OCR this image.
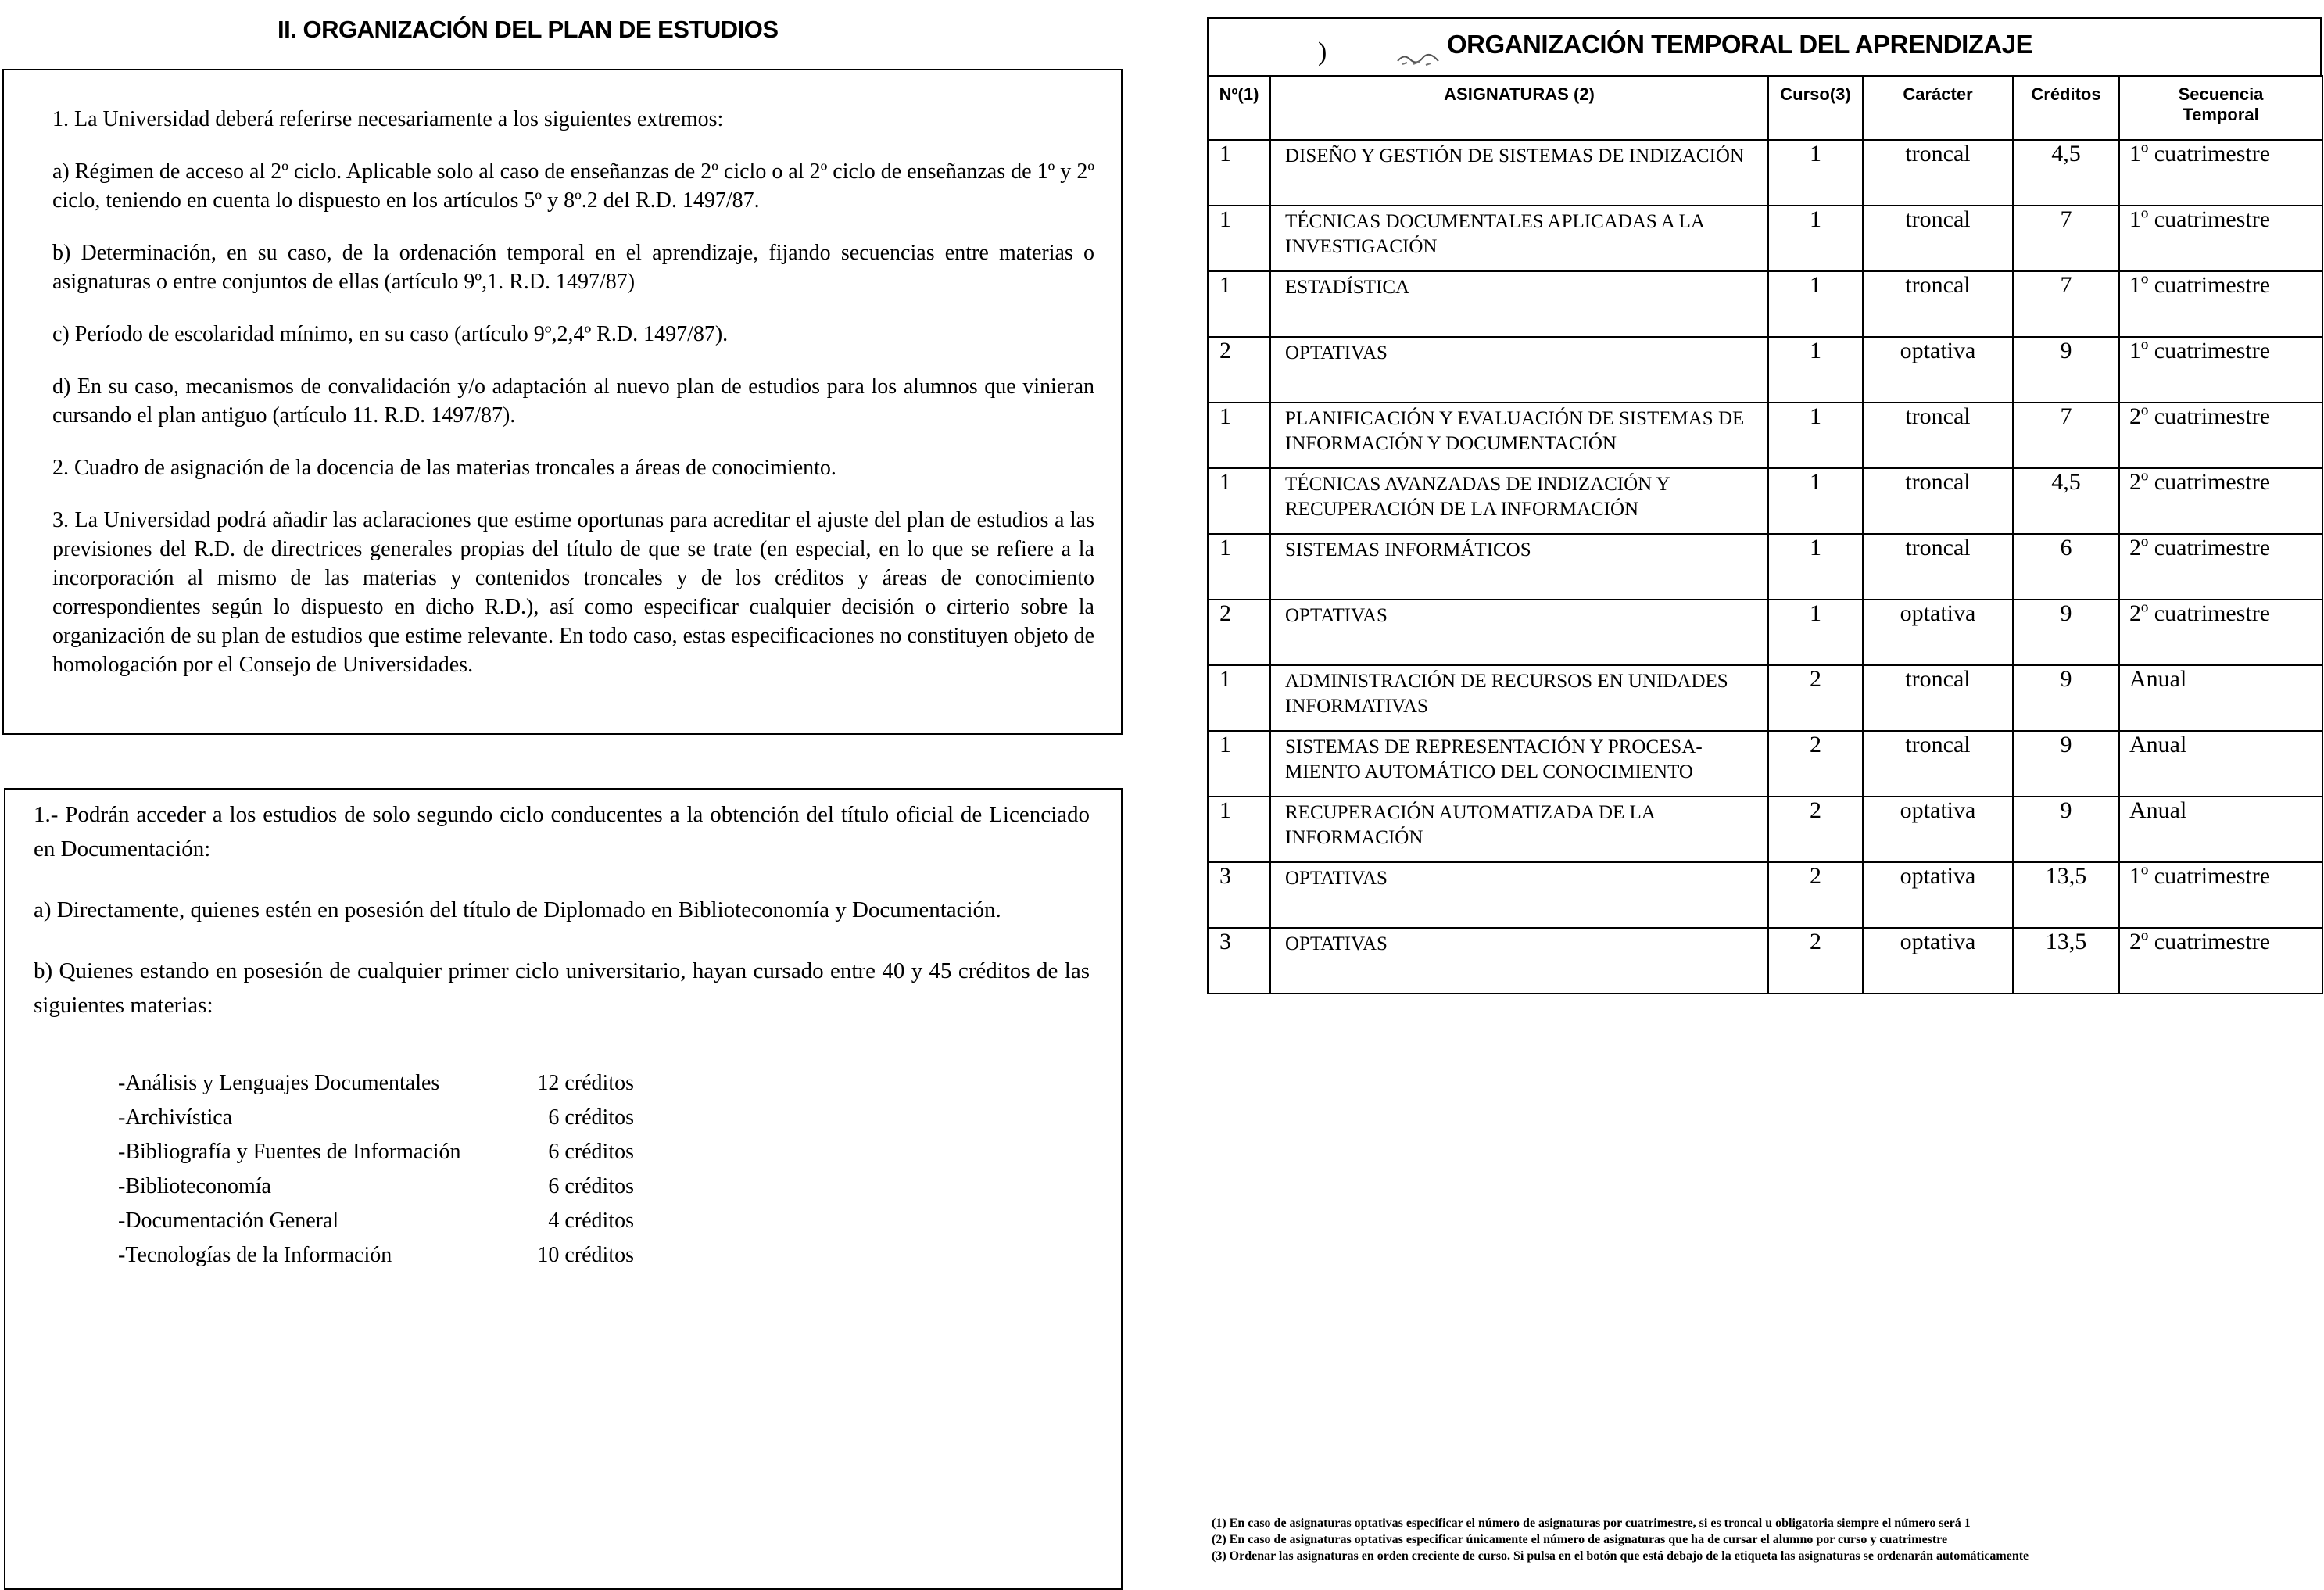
II. ORGANIZACIÓN DEL PLAN DE ESTUDIOS

1. La Universidad deberá referirse necesariamente a los siguientes extremos:

a) Régimen de acceso al 2º ciclo. Aplicable solo al caso de enseñanzas de 2º ciclo o al 2º ciclo de enseñanzas de 1º y 2º ciclo, teniendo en cuenta lo dispuesto en los artículos 5º y 8º.2 del R.D. 1497/87.

b) Determinación, en su caso, de la ordenación temporal en el aprendizaje, fijando secuencias entre materias o asignaturas o entre conjuntos de ellas (artículo 9º,1. R.D. 1497/87)

c) Período de escolaridad mínimo, en su caso (artículo 9º,2,4º R.D. 1497/87).

d) En su caso, mecanismos de convalidación y/o adaptación al nuevo plan de estudios para los alumnos que vinieran cursando el plan antiguo (artículo 11. R.D. 1497/87).

2. Cuadro de asignación de la docencia de las materias troncales a áreas de conocimiento.

3. La Universidad podrá añadir las aclaraciones que estime oportunas para acreditar el ajuste del plan de estudios a las previsiones del R.D. de directrices generales propias del título de que se trate (en especial, en lo que se refiere a la incorporación al mismo de las materias y contenidos troncales y de los créditos y áreas de conocimiento correspondientes según lo dispuesto en dicho R.D.), así como especificar cualquier decisión o cirterio sobre la organización de su plan de estudios que estime relevante. En todo caso, estas especificaciones no constituyen objeto de homologación por el Consejo de Universidades.

1.- Podrán acceder a los estudios de solo segundo ciclo conducentes a la obtención del título oficial de Licenciado en Documentación:

a) Directamente, quienes estén en posesión del título de Diplomado en Biblioteconomía y Documentación.

b) Quienes estando en posesión de cualquier primer ciclo universitario, hayan cursado entre 40 y 45 créditos de las siguientes materias:

-Análisis y Lenguajes Documentales	12 créditos
-Archivística	6 créditos
-Bibliografía y Fuentes de Información	6 créditos
-Biblioteconomía	6 créditos
-Documentación General	4 créditos
-Tecnologías de la Información	10 créditos
)	ORGANIZACIÓN TEMPORAL DEL APRENDIZAJE
Nº(1)	ASIGNATURAS (2)	Curso(3)	Carácter	Créditos	Secuencia
Temporal
1	DISEÑO Y GESTIÓN DE SISTEMAS DE INDIZACIÓN	1	troncal	4,5	1º cuatrimestre
1	TÉCNICAS DOCUMENTALES APLICADAS A LA INVESTIGACIÓN	1	troncal	7	1º cuatrimestre
1	ESTADÍSTICA	1	troncal	7	1º cuatrimestre
2	OPTATIVAS	1	optativa	9	1º cuatrimestre
1	PLANIFICACIÓN Y EVALUACIÓN DE SISTEMAS DE INFORMACIÓN Y DOCUMENTACIÓN	1	troncal	7	2º cuatrimestre
1	TÉCNICAS AVANZADAS DE INDIZACIÓN Y RECUPERACIÓN DE LA INFORMACIÓN	1	troncal	4,5	2º cuatrimestre
1	SISTEMAS INFORMÁTICOS	1	troncal	6	2º cuatrimestre
2	OPTATIVAS	1	optativa	9	2º cuatrimestre
1	ADMINISTRACIÓN DE RECURSOS EN UNIDADES INFORMATIVAS	2	troncal	9	Anual
1	SISTEMAS DE REPRESENTACIÓN Y PROCESA-MIENTO AUTOMÁTICO DEL CONOCIMIENTO	2	troncal	9	Anual
1	RECUPERACIÓN AUTOMATIZADA DE LA INFORMACIÓN	2	optativa	9	Anual
3	OPTATIVAS	2	optativa	13,5	1º cuatrimestre
3	OPTATIVAS	2	optativa	13,5	2º cuatrimestre
(1) En caso de asignaturas optativas especificar el número de asignaturas por cuatrimestre, si es troncal u obligatoria siempre el número será 1
(2) En caso de asignaturas optativas especificar únicamente el número de asignaturas que ha de cursar el alumno por curso y cuatrimestre
(3) Ordenar las asignaturas en orden creciente de curso. Si pulsa en el botón que está debajo de la etiqueta las asignaturas se ordenarán automáticamente
